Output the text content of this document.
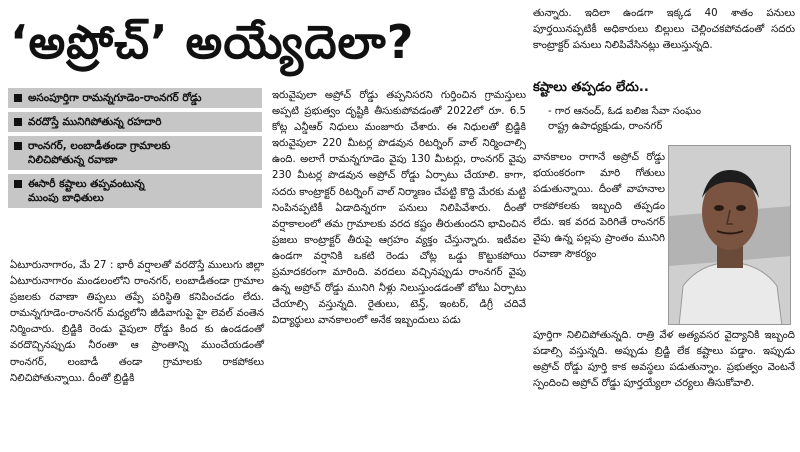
‘అప్రోచ్’ అయ్యేదెలా?
అసంపూర్తిగా రామన్నగూడెం-రాంనగర్ రోడ్డు
వరదొస్తే మునిగిపోతున్న రహదారి
రాంనగర్, లంబాడీతండా గ్రామాలకు
నిలిచిపోతున్న రవాణా
ఈసారీ కష్టాలు తప్పవంటున్న
ముంపు బాధితులు

ఏటూరునాగారం, మే 27 : భారీ వర్షాలతో వరదొస్తే ములుగు జిల్లా ఏటూరునాగారం మండలంలోని రాంనగర్, లంబాడీతండా గ్రామాల ప్రజలకు రవాణా తిప్పలు తప్పే పరిస్థితి కనిపించడం లేదు. రామన్నగూడెం-రాంనగర్ మధ్యలోని జీడివాగుపై హై లెవల్ వంతెన నిర్మించారు. బ్రిడ్జికి రెండు వైపులా రోడ్డు కింద కు ఉండడంతో వరదొచ్చినప్పుడు నీరంతా ఆ ప్రాంతాన్ని ముంచేయడంతో రాంనగర్, లంబాడీ తండా గ్రామాలకు రాకపోకలు నిలిచిపోతున్నాయి. దీంతో బ్రిడ్జికి

ఇరువైపులా అప్రోచ్ రోడ్డు తప్పనిసరని గుర్తించిన గ్రామస్తులు అప్పటి ప్రభుత్వం దృష్టికి తీసుకుపోవడంతో 2022లో రూ. 6.5 కోట్ల ఎన్డీఆర్ నిధులు మంజూరు చేశారు. ఈ నిధులతో బ్రిడ్జికి ఇరువైపులా 220 మీటర్ల పొడవున రిటర్నింగ్ వాల్ నిర్మించాల్సి ఉంది. అలాగే రామన్నగూడెం వైపు 130 మీటర్లు, రాంనగర్ వైపు 230 మీటర్ల పొడవున అప్రోచ్ రోడ్డు ఏర్పాటు చేయాలి. కాగా, సదరు కాంట్రాక్టర్ రిటర్నింగ్ వాల్ నిర్మాణం చేపట్టి కొద్ది మేరకు మట్టి నింపినప్పటికీ ఏడాదిన్నరగా పనులు నిలిపివేశారు. దీంతో వర్షాకాలంలో తమ గ్రామాలకు వరద కష్టం తీరుతుందని భావించిన ప్రజలు కాంట్రాక్టర్ తీరుపై ఆగ్రహం వ్యక్తం చేస్తున్నారు. ఇటీవల ఉండగా వర్షానికి ఒకటి రెండు చోట్ల ఒడ్డు కొట్టుకపోయి ప్రమాదకరంగా మారింది. వరదలు వచ్చినప్పుడు రాంనగర్ వైపు ఉన్న అప్రోచ్ రోడ్డు మునిగి నీళ్లు నిలుస్తుండడంతో బోటు ఏర్పాటు చేయాల్సి వస్తున్నది. రైతులు, టెన్త్, ఇంటర్, డిగ్రీ చదివే విద్యార్థులు వానకాలంలో అనేక ఇబ్బందులు పడు

తున్నారు. ఇదిలా ఉండగా ఇక్కడ 40 శాతం పనులు పూర్తయినప్పటికీ అధికారులు బిల్లులు చెల్లించకపోవడంతో సదరు కాంట్రాక్టర్ పనులు నిలిపివేసినట్లు తెలుస్తున్నది.

కష్టాలు తప్పడం లేదు..
- గార ఆనంద్, ఓడ బలిజ సేవా సంఘం
రాష్ట్ర ఉపాధ్యక్షుడు, రాంనగర్

వానకాలం రాగానే అప్రోచ్ రోడ్డు భయంకరంగా మారి గోతులు పడుతున్నాయి. దీంతో వాహనాల రాకపోకలకు ఇబ్బంది తప్పడం లేదు. ఇక వరద పెరిగితే రాంనగర్ వైపు ఉన్న పల్లపు ప్రాంతం మునిగి రవాణా సౌకర్యం

పూర్తిగా నిలిచిపోతున్నది. రాత్రి వేళ అత్యవసర వైద్యానికి ఇబ్బంది పడాల్సి వస్తున్నది. అప్పుడు బ్రిడ్జి లేక కష్టాలు పడ్డాం. ఇప్పుడు అప్రోచ్ రోడ్డు పూర్తి కాక అవస్థలు పడుతున్నాం. ప్రభుత్వం వెంటనే స్పందించి అప్రోచ్ రోడ్డు పూర్తయ్యేలా చర్యలు తీసుకోవాలి.
